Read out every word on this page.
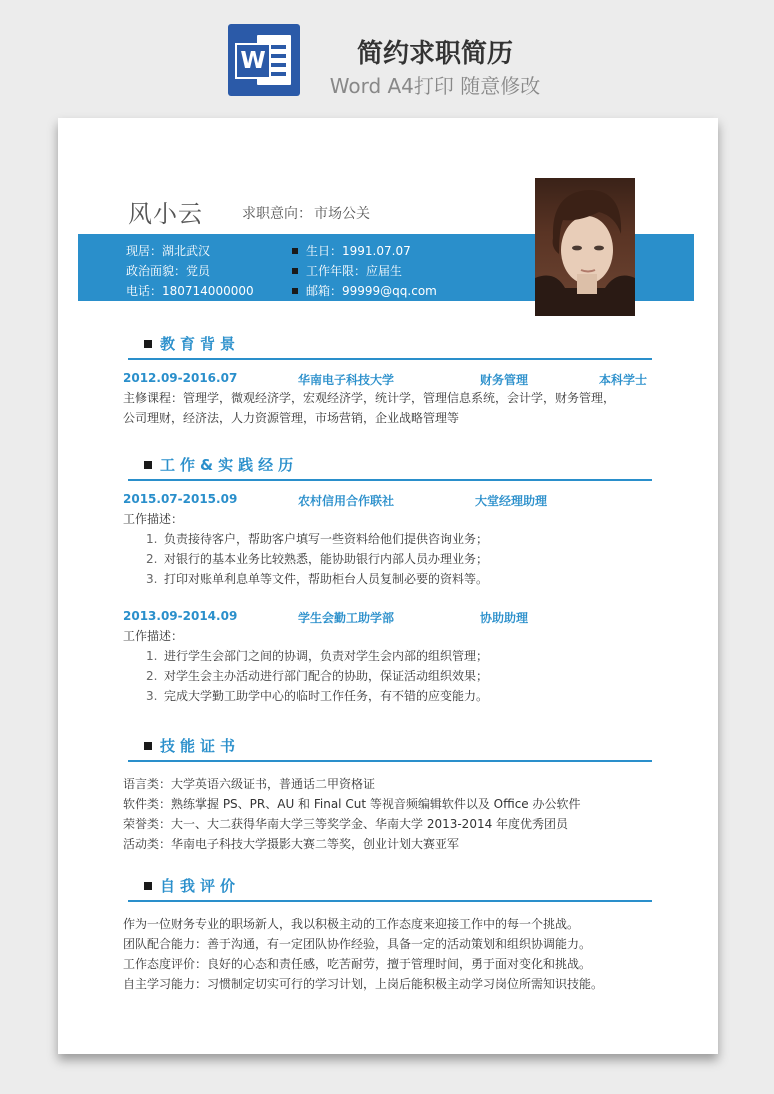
W	简约求职简历
Word A4打印 随意修改
风小云	求职意向： 市场公关
现居：湖北武汉
政治面貌：党员
电话：180714000000
生日：1991.07.07
工作年限：应届生
邮箱：99999@qq.com
教育背景
2012.09-2016.07	华南电子科技大学	财务管理	本科学士
主修课程：管理学，微观经济学，宏观经济学，统计学，管理信息系统，会计学，财务管理，
公司理财，经济法，人力资源管理，市场营销，企业战略管理等
工作&实践经历
2015.07-2015.09	农村信用合作联社	大堂经理助理
工作描述：
1. 负责接待客户，帮助客户填写一些资料给他们提供咨询业务；
2. 对银行的基本业务比较熟悉，能协助银行内部人员办理业务；
3. 打印对账单利息单等文件，帮助柜台人员复制必要的资料等。
2013.09-2014.09	学生会勤工助学部	协助助理
工作描述：
1. 进行学生会部门之间的协调，负责对学生会内部的组织管理；
2. 对学生会主办活动进行部门配合的协助，保证活动组织效果；
3. 完成大学勤工助学中心的临时工作任务，有不错的应变能力。
技能证书
语言类：大学英语六级证书，普通话二甲资格证
软件类：熟练掌握 PS、PR、AU 和 Final Cut 等视音频编辑软件以及 Office 办公软件
荣誉类：大一、大二获得华南大学三等奖学金、华南大学 2013-2014 年度优秀团员
活动类：华南电子科技大学摄影大赛二等奖，创业计划大赛亚军
自我评价
作为一位财务专业的职场新人，我以积极主动的工作态度来迎接工作中的每一个挑战。
团队配合能力：善于沟通，有一定团队协作经验，具备一定的活动策划和组织协调能力。
工作态度评价：良好的心态和责任感，吃苦耐劳，擅于管理时间，勇于面对变化和挑战。
自主学习能力：习惯制定切实可行的学习计划，上岗后能积极主动学习岗位所需知识技能。
